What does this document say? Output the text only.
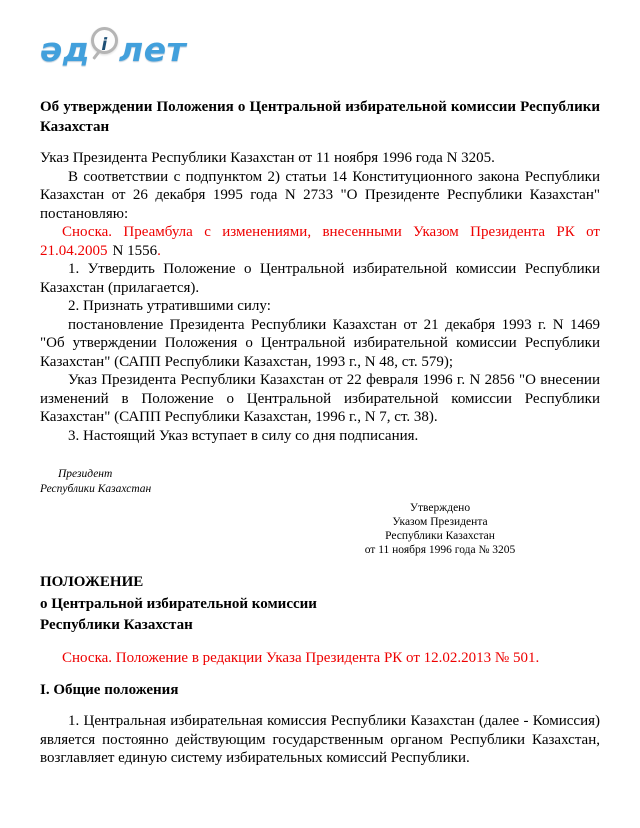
әд і лет
Об утверждении Положения о Центральной избирательной комиссии Республики Казахстан

Указ Президента Республики Казахстан от 11 ноября 1996 года N 3205.

В соответствии с подпунктом 2) статьи 14 Конституционного закона Республики Казахстан от 26 декабря 1995 года N 2733 "О Президенте Республики Казахстан" постановляю:

Сноска. Преамбула с изменениями, внесенными Указом Президента РК от 21.04.2005 N 1556.

1. Утвердить Положение о Центральной избирательной комиссии Республики Казахстан (прилагается).

2. Признать утратившими силу:

постановление Президента Республики Казахстан от 21 декабря 1993 г. N 1469 "Об утверждении Положения о Центральной избирательной комиссии Республики Казахстан" (САПП Республики Казахстан, 1993 г., N 48, ст. 579);

Указ Президента Республики Казахстан от 22 февраля 1996 г. N 2856 "О внесении изменений в Положение о Центральной избирательной комиссии Республики Казахстан" (САПП Республики Казахстан, 1996 г., N 7, ст. 38).

3. Настоящий Указ вступает в силу со дня подписания.

Президент
Республики Казахстан
Утверждено
Указом Президента
Республики Казахстан
от 11 ноября 1996 года № 3205
ПОЛОЖЕНИЕ
о Центральной избирательной комиссии
Республики Казахстан

Сноска. Положение в редакции Указа Президента РК от 12.02.2013 № 501.

I. Общие положения

1. Центральная избирательная комиссия Республики Казахстан (далее - Комиссия) является постоянно действующим государственным органом Республики Казахстан, возглавляет единую систему избирательных комиссий Республики.
